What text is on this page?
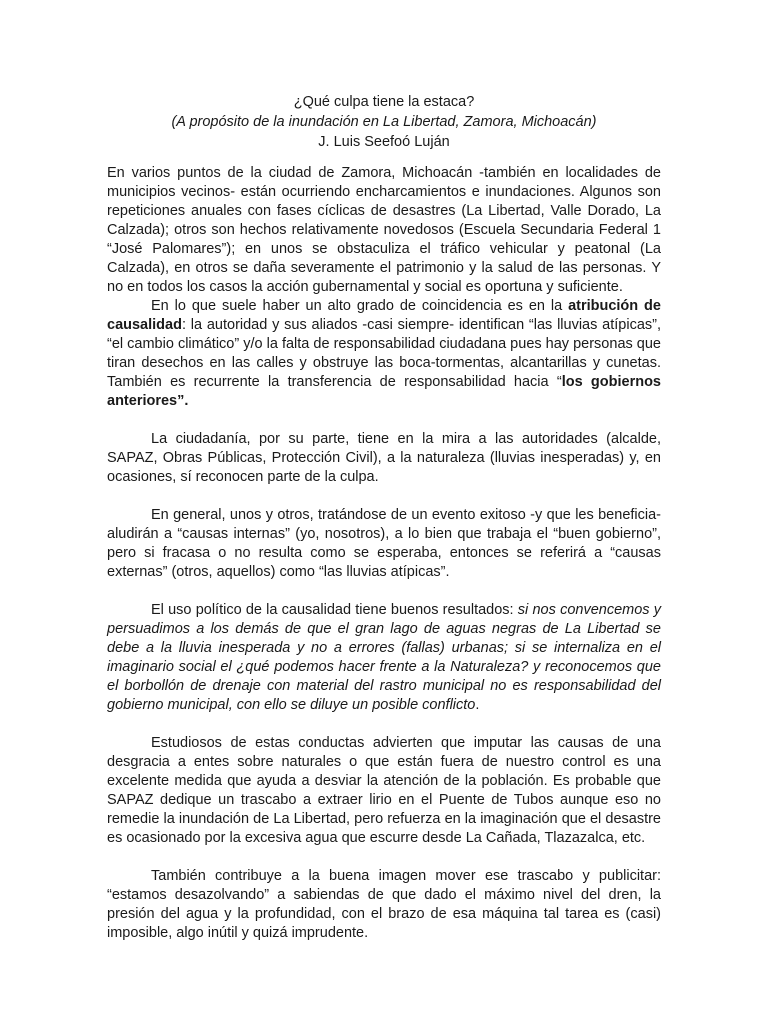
¿Qué culpa tiene la estaca?
(A propósito de la inundación en La Libertad, Zamora, Michoacán)
J. Luis Seefoó Luján

En varios puntos de la ciudad de Zamora, Michoacán -también en localidades de municipios vecinos- están ocurriendo encharcamientos e inundaciones. Algunos son repeticiones anuales con fases cíclicas de desastres (La Libertad, Valle Dorado, La Calzada); otros son hechos relativamente novedosos (Escuela Secundaria Federal 1 “José Palomares”); en unos se obstaculiza el tráfico vehicular y peatonal (La Calzada), en otros se daña severamente el patrimonio y la salud de las personas. Y no en todos los casos la acción gubernamental y social es oportuna y suficiente.

En lo que suele haber un alto grado de coincidencia es en la atribución de causalidad: la autoridad y sus aliados -casi siempre- identifican “las lluvias atípicas”, “el cambio climático” y/o la falta de responsabilidad ciudadana pues hay personas que tiran desechos en las calles y obstruye las boca-tormentas, alcantarillas y cunetas. También es recurrente la transferencia de responsabilidad hacia “los gobiernos anteriores”.

La ciudadanía, por su parte, tiene en la mira a las autoridades (alcalde, SAPAZ, Obras Públicas, Protección Civil), a la naturaleza (lluvias inesperadas) y, en ocasiones, sí reconocen parte de la culpa.

En general, unos y otros, tratándose de un evento exitoso -y que les beneficia- aludirán a “causas internas” (yo, nosotros), a lo bien que trabaja el “buen gobierno”, pero si fracasa o no resulta como se esperaba, entonces se referirá a “causas externas” (otros, aquellos) como “las lluvias atípicas”.

El uso político de la causalidad tiene buenos resultados: si nos convencemos y persuadimos a los demás de que el gran lago de aguas negras de La Libertad se debe a la lluvia inesperada y no a errores (fallas) urbanas; si se internaliza en el imaginario social el ¿qué podemos hacer frente a la Naturaleza? y reconocemos que el borbollón de drenaje con material del rastro municipal no es responsabilidad del gobierno municipal, con ello se diluye un posible conflicto.

Estudiosos de estas conductas advierten que imputar las causas de una desgracia a entes sobre naturales o que están fuera de nuestro control es una excelente medida que ayuda a desviar la atención de la población. Es probable que SAPAZ dedique un trascabo a extraer lirio en el Puente de Tubos aunque eso no remedie la inundación de La Libertad, pero refuerza en la imaginación que el desastre es ocasionado por la excesiva agua que escurre desde La Cañada, Tlazazalca, etc.

También contribuye a la buena imagen mover ese trascabo y publicitar: “estamos desazolvando” a sabiendas de que dado el máximo nivel del dren, la presión del agua y la profundidad, con el brazo de esa máquina tal tarea es (casi) imposible, algo inútil y quizá imprudente.
